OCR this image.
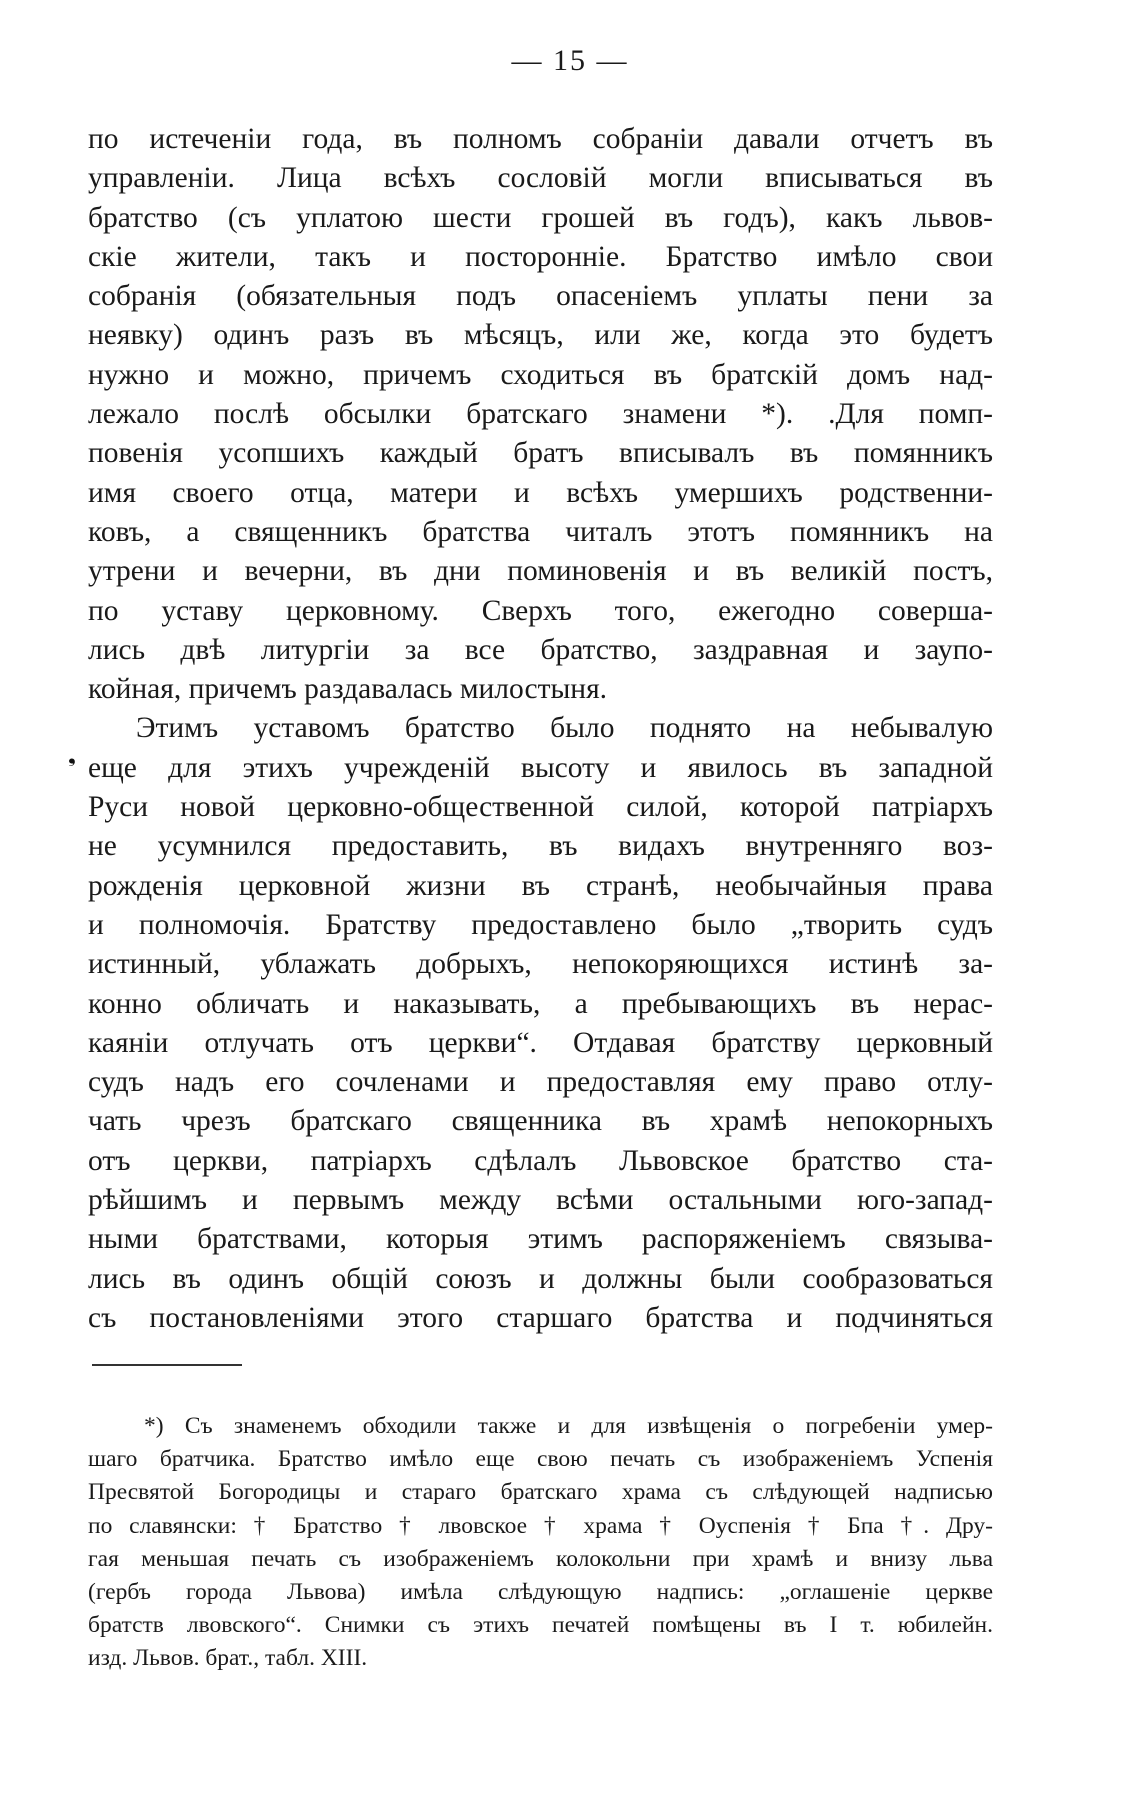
— 15 —
❟
по истеченіи года, въ полномъ собраніи давали отчетъ въ
управленіи. Лица всѣхъ сословій могли вписываться въ
братство (съ уплатою шести грошей въ годъ), какъ львов-
скіе жители, такъ и посторонніе. Братство имѣло свои
собранія (обязательныя подъ опасеніемъ уплаты пени за
неявку) одинъ разъ въ мѣсяцъ, или же, когда это будетъ
нужно и можно, причемъ сходиться въ братскій домъ над-
лежало послѣ обсылки братскаго знамени *). .Для помп-
повенія усопшихъ каждый братъ вписывалъ въ помянникъ
имя своего отца, матери и всѣхъ умершихъ родственни-
ковъ, а священникъ братства читалъ этотъ помянникъ на
утрени и вечерни, въ дни поминовенія и въ великій постъ,
по уставу церковному. Сверхъ того, ежегодно соверша-
лись двѣ литургіи за все братство, заздравная и заупо-
койная, причемъ раздавалась милостыня.
Этимъ уставомъ братство было поднято на небывалую
еще для этихъ учрежденій высоту и явилось въ западной
Руси новой церковно-общественной силой, которой патріархъ
не усумнился предоставить, въ видахъ внутренняго воз-
рожденія церковной жизни въ странѣ, необычайныя права
и полномочія. Братству предоставлено было „творить судъ
истинный, ублажать добрыхъ, непокоряющихся истинѣ за-
конно обличать и наказывать, а пребывающихъ въ нерас-
каяніи отлучать отъ церкви“. Отдавая братству церковный
судъ надъ его сочленами и предоставляя ему право отлу-
чать чрезъ братскаго священника въ храмѣ непокорныхъ
отъ церкви, патріархъ сдѣлалъ Львовское братство ста-
рѣйшимъ и первымъ между всѣми остальными юго-запад-
ными братствами, которыя этимъ распоряженіемъ связыва-
лись въ одинъ общій союзъ и должны были сообразоваться
съ постановленіями этого старшаго братства и подчиняться
*) Съ знаменемъ обходили также и для извѣщенія о погребеніи умер-
шаго братчика. Братство имѣло еще свою печать съ изображеніемъ Успенія
Пресвятой Богородицы и стараго братскаго храма съ слѣдующей надписью
по славянски: † Братство † лвовское † храма † Оуспенія † Бпа †. Дру-
гая меньшая печать съ изображеніемъ колокольни при храмѣ и внизу льва
(гербъ города Львова) имѣла слѣдующую надпись: „оглашеніе церкве
братств лвовского“. Снимки съ этихъ печатей помѣщены въ I т. юбилейн.
изд. Львов. брат., табл. XIII.
